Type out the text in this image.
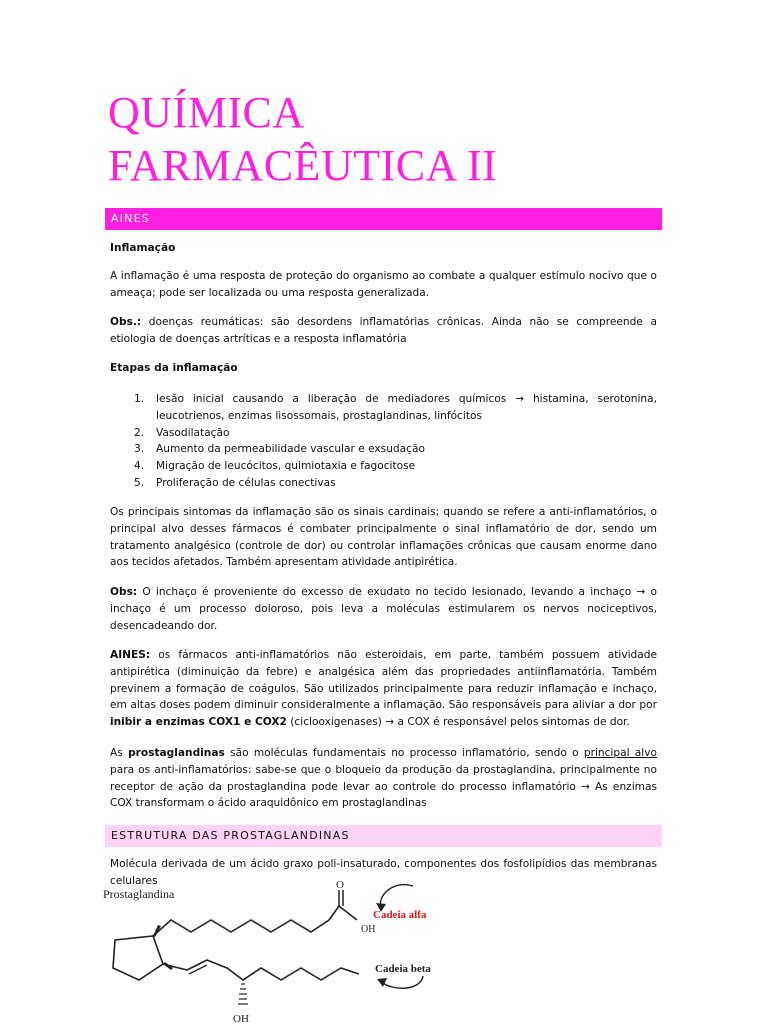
QUÍMICA
FARMACÊUTICA II
AINES
Inflamação
A inflamação é uma resposta de proteção do organismo ao combate a qualquer estímulo nocivo que o ameaça; pode ser localizada ou uma resposta generalizada.
Obs.: doenças reumáticas: são desordens inflamatórias crônicas. Ainda não se compreende a etiologia de doenças artríticas e a resposta inflamatória
Etapas da inflamação
1. lesão inicial causando a liberação de mediadores químicos → histamina, serotonina, leucotrienos, enzimas lisossomais, prostaglandinas, linfócitos
2. Vasodilatação
3. Aumento da permeabilidade vascular e exsudação
4. Migração de leucócitos, quimiotaxia e fagocitose
5. Proliferação de células conectivas
Os principais sintomas da inflamação são os sinais cardinais; quando se refere a anti-inflamatórios, o principal alvo desses fármacos é combater principalmente o sinal inflamatório de dor, sendo um tratamento analgésico (controle de dor) ou controlar inflamações crônicas que causam enorme dano aos tecidos afetados. Também apresentam atividade antipirética.
Obs: O inchaço é proveniente do excesso de exudato no tecido lesionado, levando a inchaço → o inchaço é um processo doloroso, pois leva a moléculas estimularem os nervos nociceptivos, desencadeando dor.
AINES: os fármacos anti-inflamatórios não esteroidais, em parte, também possuem atividade antipirética (diminuição da febre) e analgésica além das propriedades antiinflamatória. Também previnem a formação de coágulos. São utilizados principalmente para reduzir inflamação e inchaço, em altas doses podem diminuir consideralmente a inflamação. São responsáveis para aliviar a dor por inibir a enzimas COX1 e COX2 (ciclooxigenases) → a COX é responsável pelos sintomas de dor.
As prostaglandinas são moléculas fundamentais no processo inflamatório, sendo o principal alvo para os anti-inflamatórios: sabe-se que o bloqueio da produção da prostaglandina, principalmente no receptor de ação da prostaglandina pode levar ao controle do processo inflamatório → As enzimas COX transformam o ácido araquidônico em prostaglandinas
ESTRUTURA DAS PROSTAGLANDINAS
Molécula derivada de um ácido graxo poli-insaturado, componentes dos fosfolipídios das membranas celulares
Prostaglandina
O
OH
OH
Cadeia alfa
Cadeia beta
